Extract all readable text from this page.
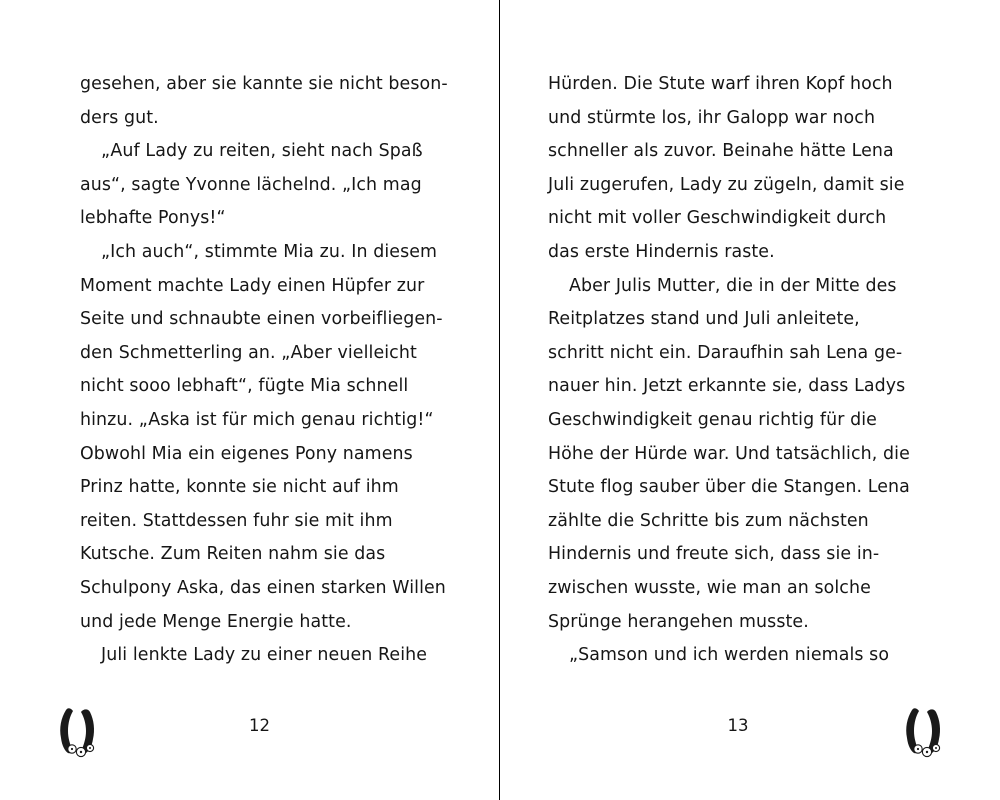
gesehen, aber sie kannte sie nicht beson-ders gut.

„Auf Lady zu reiten, sieht nach Spaß aus“, sagte Yvonne lächelnd. „Ich mag lebhafte Ponys!“

„Ich auch“, stimmte Mia zu. In diesem Moment machte Lady einen Hüpfer zur Seite und schnaubte einen vorbeifliegen-den Schmetterling an. „Aber vielleicht nicht sooo lebhaft“, fügte Mia schnell hinzu. „Aska ist für mich genau richtig!“ Obwohl Mia ein eigenes Pony namens Prinz hatte, konnte sie nicht auf ihm reiten. Stattdessen fuhr sie mit ihm Kutsche. Zum Reiten nahm sie das Schulpony Aska, das einen starken Willen und jede Menge Energie hatte.

Juli lenkte Lady zu einer neuen Reihe

12

Hürden. Die Stute warf ihren Kopf hoch und stürmte los, ihr Galopp war noch schneller als zuvor. Beinahe hätte Lena Juli zugerufen, Lady zu zügeln, damit sie nicht mit voller Geschwindigkeit durch das erste Hindernis raste.

Aber Julis Mutter, die in der Mitte des Reitplatzes stand und Juli anleitete, schritt nicht ein. Daraufhin sah Lena ge-nauer hin. Jetzt erkannte sie, dass Ladys Geschwindigkeit genau richtig für die Höhe der Hürde war. Und tatsächlich, die Stute flog sauber über die Stangen. Lena zählte die Schritte bis zum nächsten Hindernis und freute sich, dass sie in-zwischen wusste, wie man an solche Sprünge herangehen musste.

„Samson und ich werden niemals so

13
